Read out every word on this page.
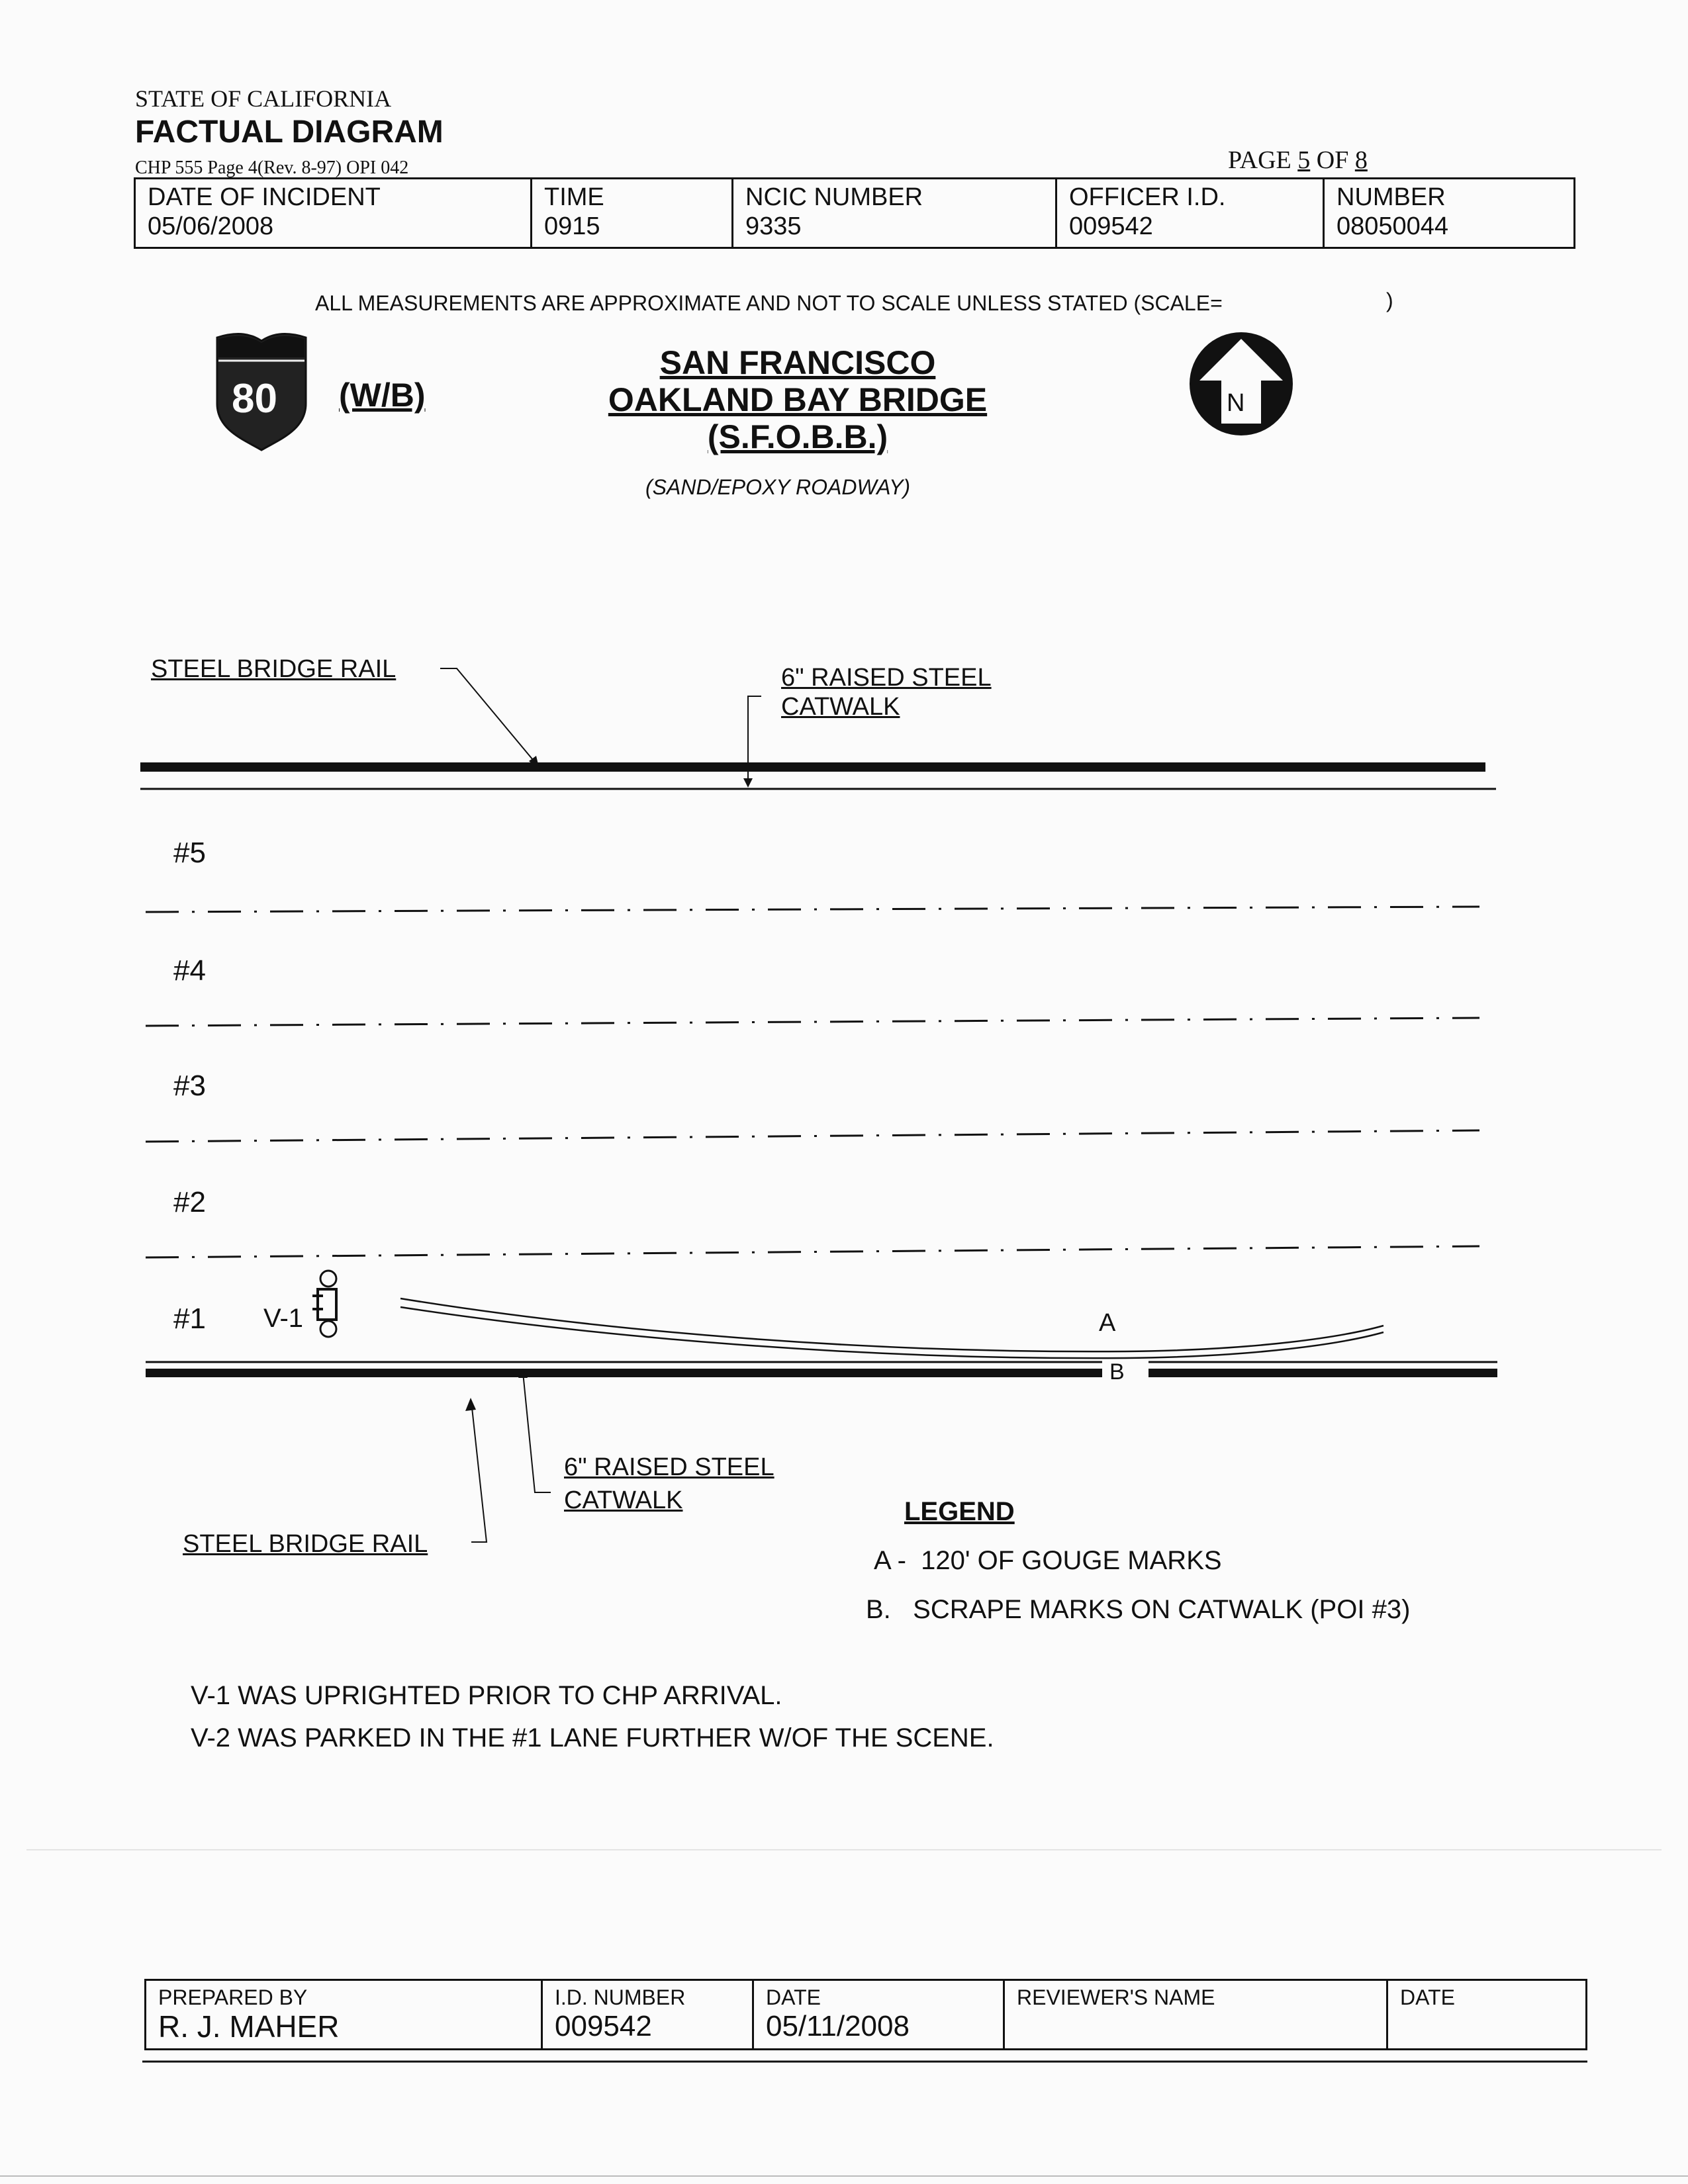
STATE OF CALIFORNIA
FACTUAL DIAGRAM
CHP 555 Page 4(Rev. 8-97) OPI 042	PAGE 5 OF 8
DATE OF INCIDENT
05/06/2008

TIME
0915

NCIC NUMBER
9335

OFFICER I.D.
009542

NUMBER
08050044
ALL MEASUREMENTS ARE APPROXIMATE AND NOT TO SCALE UNLESS STATED (SCALE=	)
80 (W/B)	N
SAN FRANCISCO
OAKLAND BAY BRIDGE
(S.F.O.B.B.)
(SAND/EPOXY ROADWAY)
STEEL BRIDGE RAIL	6" RAISED STEEL
CATWALK
#5
#4
#3
#2
#1 V-1	A
B
6" RAISED STEEL
CATWALK
STEEL BRIDGE RAIL
LEGEND
A -  120' OF GOUGE MARKS
B.   SCRAPE MARKS ON CATWALK (POI #3)
V-1 WAS UPRIGHTED PRIOR TO CHP ARRIVAL.
V-2 WAS PARKED IN THE #1 LANE FURTHER W/OF THE SCENE.
PREPARED BY
R. J. MAHER

I.D. NUMBER
009542

DATE
05/11/2008

REVIEWER'S NAME	DATE
